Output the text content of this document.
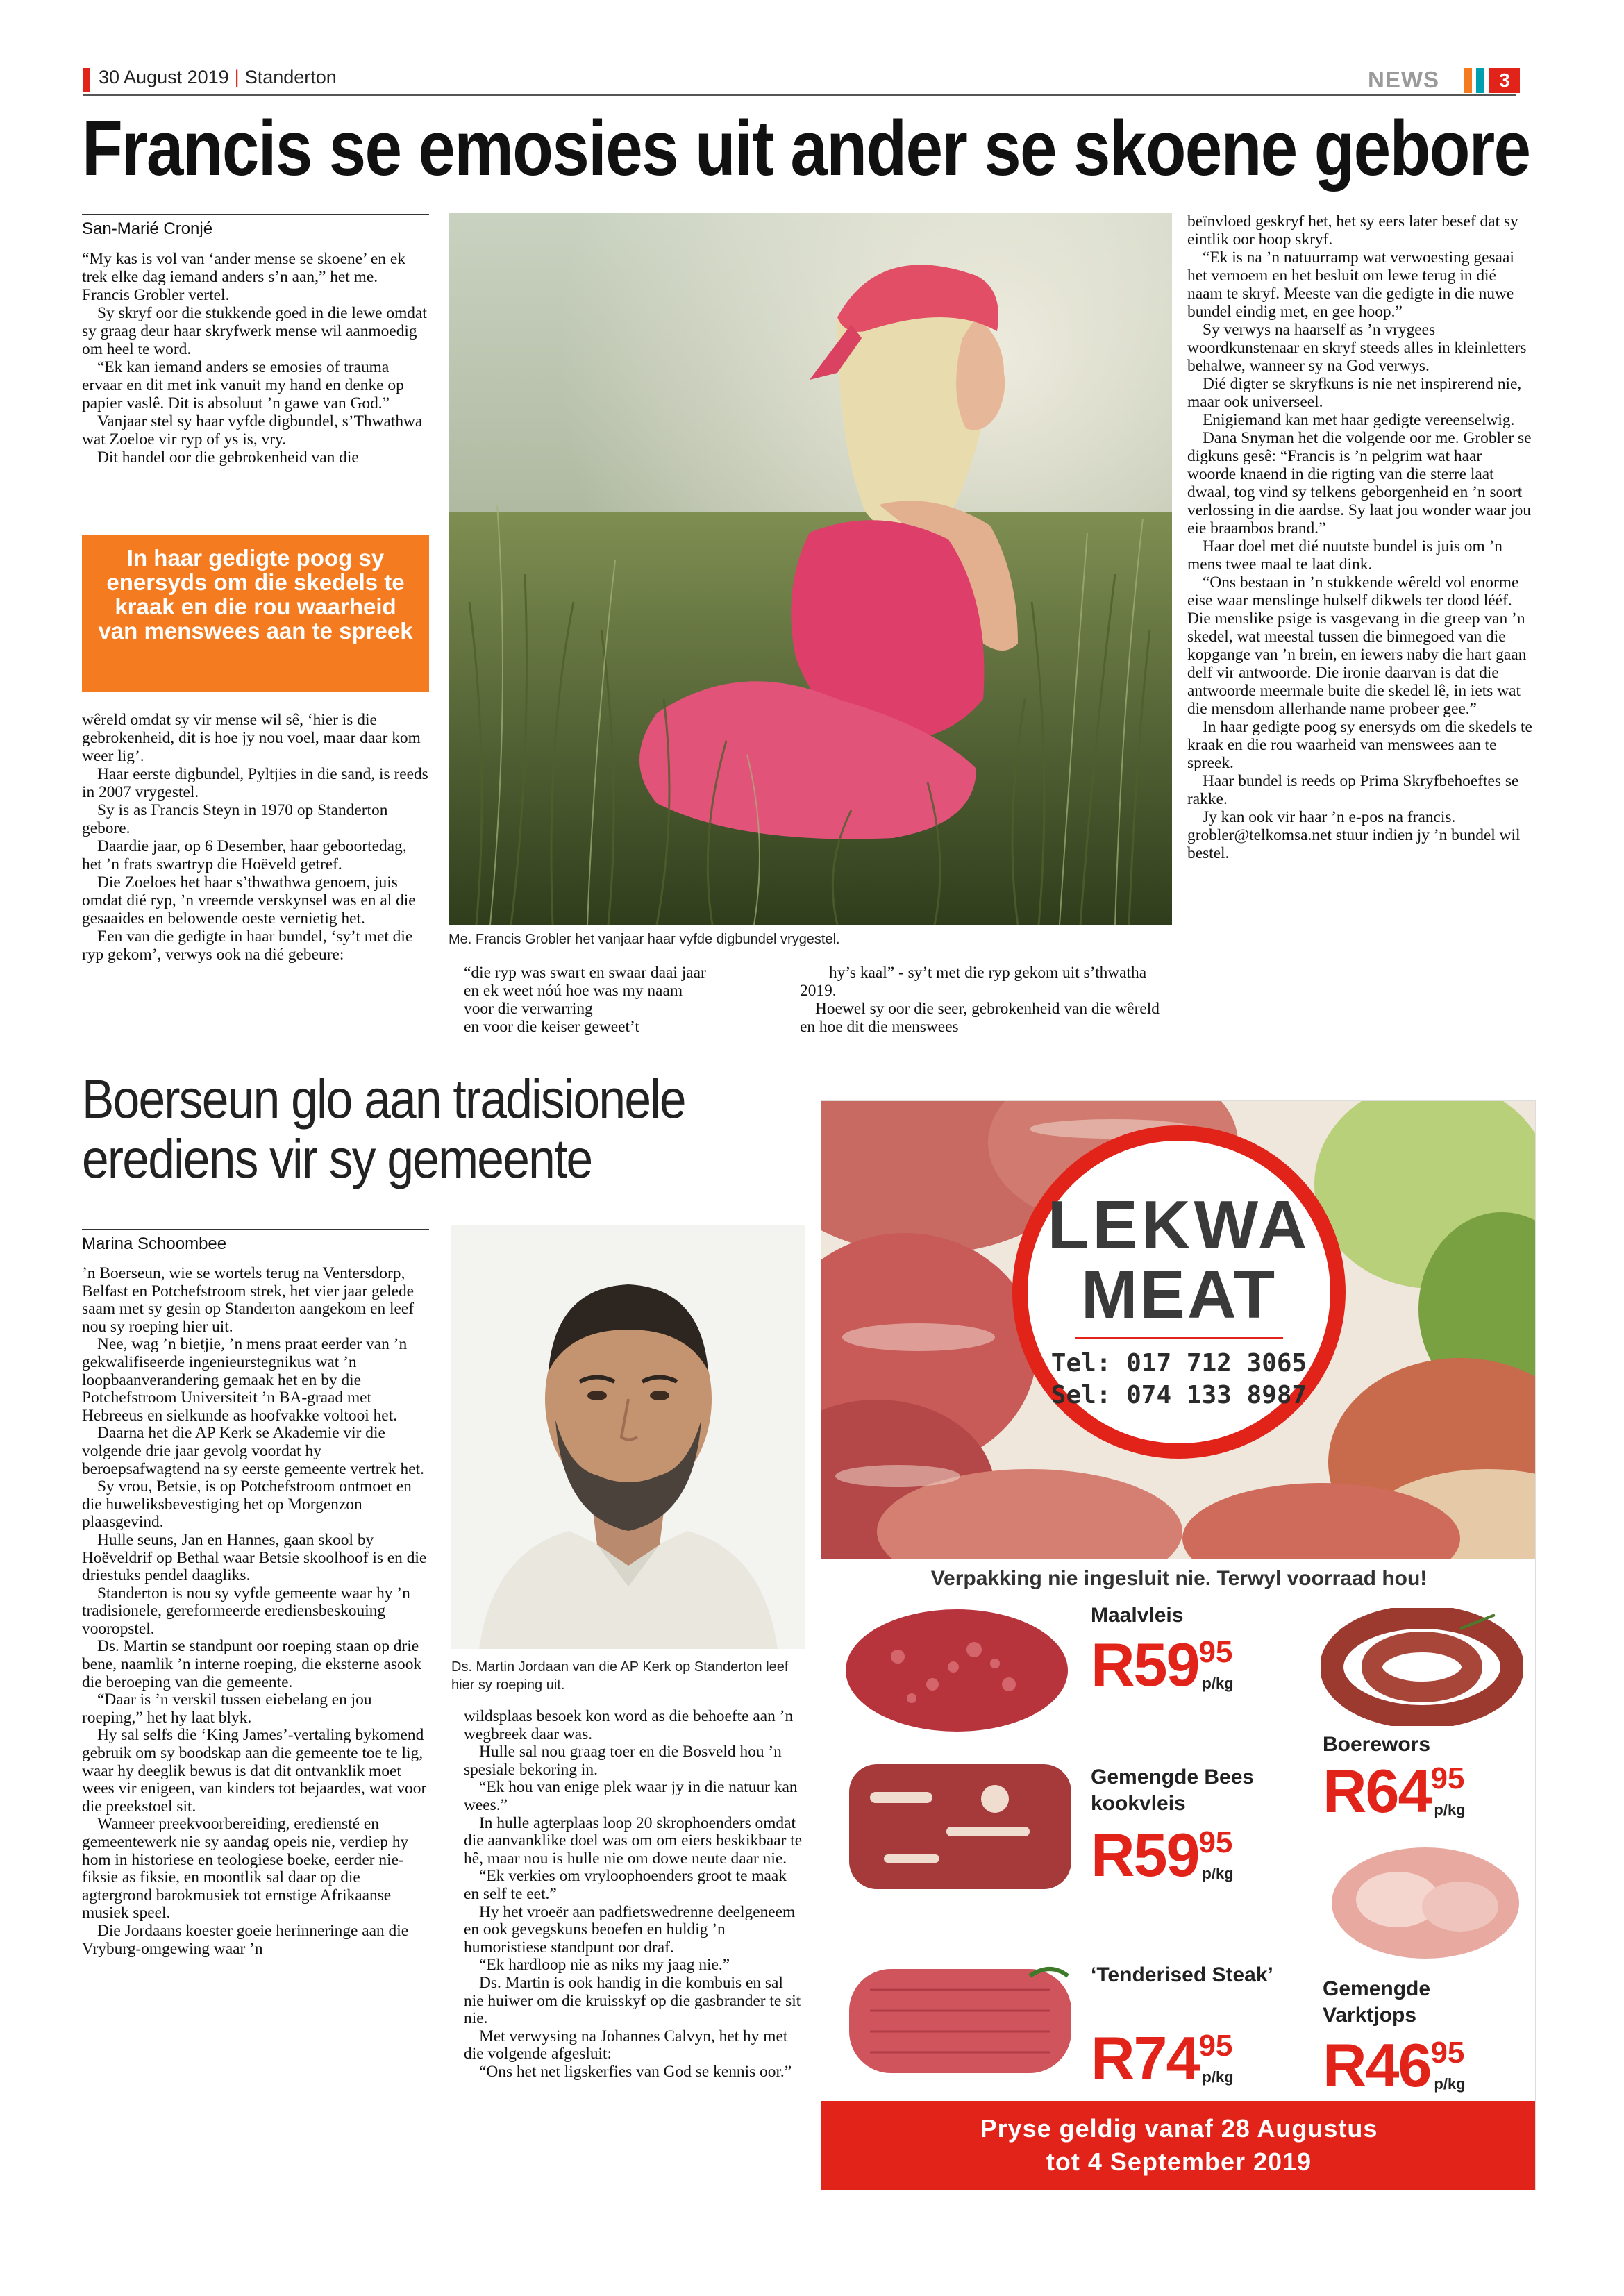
30 August 2019 | Standerton	NEWS	3
Francis se emosies uit ander se skoene gebore
San-Marié Cronjé

“My kas is vol van ‘ander mense se skoene’ en ek trek elke dag iemand anders s’n aan,” het me. Francis Grobler vertel.

Sy skryf oor die stukkende goed in die lewe omdat sy graag deur haar skryfwerk mense wil aanmoedig om heel te word.

“Ek kan iemand anders se emosies of trauma ervaar en dit met ink vanuit my hand en denke op papier vaslê. Dit is absoluut ’n gawe van God.”

Vanjaar stel sy haar vyfde digbundel, s’Thwathwa wat Zoeloe vir ryp of ys is, vry.

Dit handel oor die gebrokenheid van die

In haar gedigte poog sy enersyds om die skedels te kraak en die rou waarheid van menswees aan te spreek

wêreld omdat sy vir mense wil sê, ‘hier is die gebrokenheid, dit is hoe jy nou voel, maar daar kom weer lig’.

Haar eerste digbundel, Pyltjies in die sand, is reeds in 2007 vrygestel.

Sy is as Francis Steyn in 1970 op Standerton gebore.

Daardie jaar, op 6 Desember, haar geboortedag, het ’n frats swartryp die Hoëveld getref.

Die Zoeloes het haar s’thwathwa genoem, juis omdat dié ryp, ’n vreemde verskynsel was en al die gesaaides en belowende oeste vernietig het.

Een van die gedigte in haar bundel, ‘sy’t met die ryp gekom’, verwys ook na dié gebeure:

Me. Francis Grobler het vanjaar haar vyfde digbundel vrygestel.
“die ryp was swart en swaar daai jaar
en ek weet nóú hoe was my naam
voor die verwarring
en voor die keiser geweet’t

hy’s kaal” - sy’t met die ryp gekom uit s’thwatha 2019.

Hoewel sy oor die seer, gebrokenheid van die wêreld en hoe dit die menswees

beïnvloed geskryf het, het sy eers later besef dat sy eintlik oor hoop skryf.

“Ek is na ’n natuurramp wat verwoesting gesaai het vernoem en het besluit om lewe terug in dié naam te skryf. Meeste van die gedigte in die nuwe bundel eindig met, en gee hoop.”

Sy verwys na haarself as ’n vrygees woordkunstenaar en skryf steeds alles in kleinletters behalwe, wanneer sy na God verwys.

Dié digter se skryfkuns is nie net inspirerend nie, maar ook universeel.

Enigiemand kan met haar gedigte vereenselwig.

Dana Snyman het die volgende oor me. Grobler se digkuns gesê: “Francis is ’n pelgrim wat haar woorde knaend in die rigting van die sterre laat dwaal, tog vind sy telkens geborgenheid en ’n soort verlossing in die aardse. Sy laat jou wonder waar jou eie braambos brand.”

Haar doel met dié nuutste bundel is juis om ’n mens twee maal te laat dink.

“Ons bestaan in ’n stukkende wêreld vol enorme eise waar menslinge hulself dikwels ter dood lééf. Die menslike psige is vasgevang in die greep van ’n skedel, wat meestal tussen die binnegoed van die kopgange van ’n brein, en iewers naby die hart gaan delf vir antwoorde. Die ironie daarvan is dat die antwoorde meermale buite die skedel lê, in iets wat die mensdom allerhande name probeer gee.”

In haar gedigte poog sy enersyds om die skedels te kraak en die rou waarheid van menswees aan te spreek.

Haar bundel is reeds op Prima Skryfbehoeftes se rakke.

Jy kan ook vir haar ’n e-pos na francis. grobler@telkomsa.net stuur indien jy ’n bundel wil bestel.

Boerseun glo aan tradisionele erediens vir sy gemeente
Marina Schoombee

’n Boerseun, wie se wortels terug na Ventersdorp, Belfast en Potchefstroom strek, het vier jaar gelede saam met sy gesin op Standerton aangekom en leef nou sy roeping hier uit.

Nee, wag ’n bietjie, ’n mens praat eerder van ’n gekwalifiseerde ingenieurstegnikus wat ’n loopbaanverandering gemaak het en by die Potchefstroom Universiteit ’n BA-graad met Hebreeus en sielkunde as hoofvakke voltooi het.

Daarna het die AP Kerk se Akademie vir die volgende drie jaar gevolg voordat hy beroepsafwagtend na sy eerste gemeente vertrek het.

Sy vrou, Betsie, is op Potchefstroom ontmoet en die huweliksbevestiging het op Morgenzon plaasgevind.

Hulle seuns, Jan en Hannes, gaan skool by Hoëveldrif op Bethal waar Betsie skoolhoof is en die driestuks pendel daagliks.

Standerton is nou sy vyfde gemeente waar hy ’n tradisionele, gereformeerde erediensbeskouing vooropstel.

Ds. Martin se standpunt oor roeping staan op drie bene, naamlik ’n interne roeping, die eksterne asook die beroeping van die gemeente.

“Daar is ’n verskil tussen eiebelang en jou roeping,” het hy laat blyk.

Hy sal selfs die ‘King James’-vertaling bykomend gebruik om sy boodskap aan die gemeente toe te lig, waar hy deeglik bewus is dat dit ontvanklik moet wees vir enigeen, van kinders tot bejaardes, wat voor die preekstoel sit.

Wanneer preekvoorbereiding, erediensté en gemeentewerk nie sy aandag opeis nie, verdiep hy hom in historiese en teologiese boeke, eerder nie-fiksie as fiksie, en moontlik sal daar op die agtergrond barokmusiek tot ernstige Afrikaanse musiek speel.

Die Jordaans koester goeie herinneringe aan die Vryburg-omgewing waar ’n

Ds. Martin Jordaan van die AP Kerk op Standerton leef hier sy roeping uit.

wildsplaas besoek kon word as die behoefte aan ’n wegbreek daar was.

Hulle sal nou graag toer en die Bosveld hou ’n spesiale bekoring in.

“Ek hou van enige plek waar jy in die natuur kan wees.”

In hulle agterplaas loop 20 skrophoenders omdat die aanvanklike doel was om om eiers beskikbaar te hê, maar nou is hulle nie om dowe neute daar nie.

“Ek verkies om vryloophoenders groot te maak en self te eet.”

Hy het vroeër aan padfietswedrenne deelgeneem en ook gevegskuns beoefen en huldig ’n humoristiese standpunt oor draf.

“Ek hardloop nie as niks my jaag nie.”

Ds. Martin is ook handig in die kombuis en sal nie huiwer om die kruisskyf op die gasbrander te sit nie.

Met verwysing na Johannes Calvyn, het hy met die volgende afgesluit:

“Ons het net ligskerfies van God se kennis oor.”

LEKWA
MEAT
Tel: 017 712 3065
Sel: 074 133 8987
Verpakking nie ingesluit nie. Terwyl voorraad hou!
Maalvleis
R5995p/kg
Boerewors
R6495p/kg
Gemengde Bees kookvleis
R5995p/kg
Gemengde Varktjops
R4695p/kg
‘Tenderised Steak’
R7495p/kg
Pryse geldig vanaf 28 Augustus
tot 4 September 2019
